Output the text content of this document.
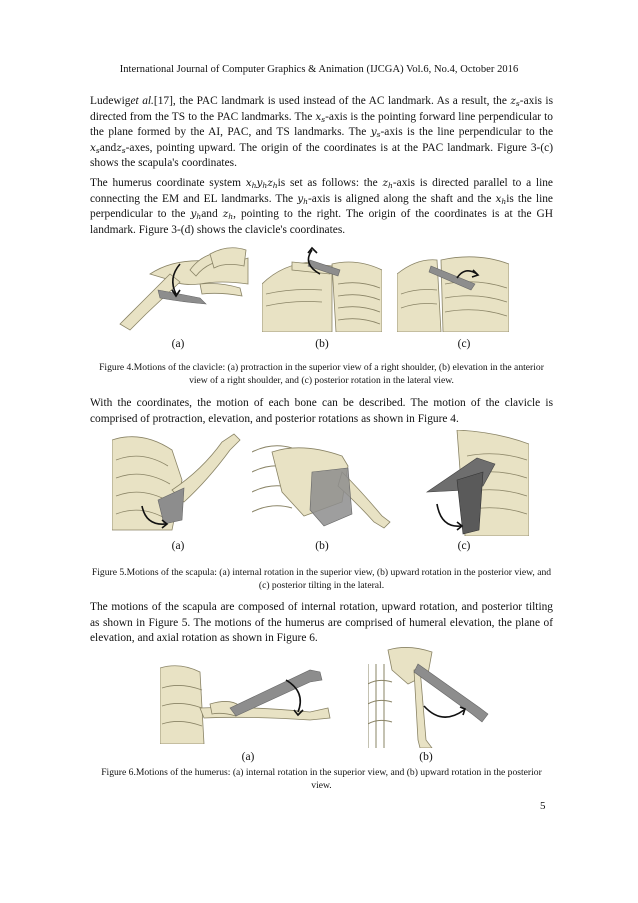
International Journal of Computer Graphics & Animation (IJCGA) Vol.6, No.4, October 2016
Ludewiget al.[17], the PAC landmark is used instead of the AC landmark. As a result, the $z_s$-axis is directed from the TS to the PAC landmarks. The $x_s$-axis is the pointing forward line perpendicular to the plane formed by the AI, PAC, and TS landmarks. The $y_s$-axis is the line perpendicular to the $x_sandz_s$-axes, pointing upward. The origin of the coordinates is at the PAC landmark. Figure 3-(c) shows the scapula's coordinates.
The humerus coordinate system $x_hy_hz_his$ set as follows: the $z_h$-axis is directed parallel to a line connecting the EM and EL landmarks. The $y_h$-axis is aligned along the shaft and the $x_his$ the line perpendicular to the $y_hand$ $z_h$, pointing to the right. The origin of the coordinates is at the GH landmark. Figure 3-(d) shows the clavicle's coordinates.
(a)	(b)	(c)
Figure 4.Motions of the clavicle: (a) protraction in the superior view of a right shoulder, (b) elevation in the anterior view of a right shoulder, and (c) posterior rotation in the lateral view.
With the coordinates, the motion of each bone can be described. The motion of the clavicle is comprised of protraction, elevation, and posterior rotations as shown in Figure 4.
(a)	(b)	(c)
Figure 5.Motions of the scapula: (a) internal rotation in the superior view, (b) upward rotation in the posterior view, and (c) posterior tilting in the lateral.
The motions of the scapula are composed of internal rotation, upward rotation, and posterior tilting as shown in Figure 5. The motions of the humerus are comprised of humeral elevation, the plane of elevation, and axial rotation as shown in Figure 6.
(a)	(b)
Figure 6.Motions of the humerus: (a) internal rotation in the superior view, and (b) upward rotation in the posterior view.
5
